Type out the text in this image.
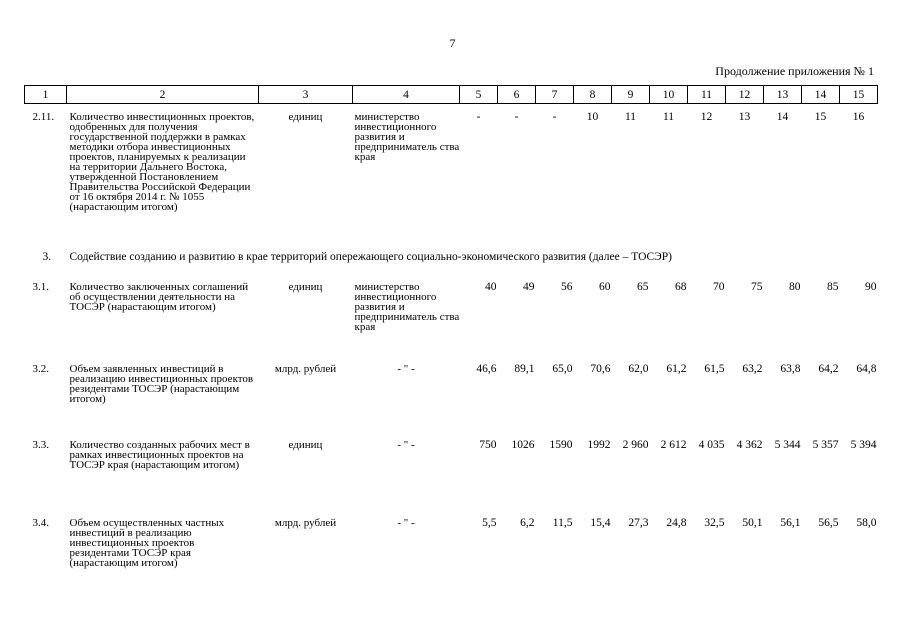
7
Продолжение приложения № 1
1	2	3	4	5	6	7	8	9	10	11	12	13	14	15

2.11.	Количество инвестиционных проектов, одобренных для получения государственной поддержки в рамках методики отбора инвестиционных проектов, планируемых к реализации на территории Дальнего Востока, утвержденной Постановлением Правительства Российской Федерации от 16 октября 2014 г. № 1055 (нарастающим итогом)	единиц	министерство инвестиционного развития и предприниматель ства края	-	-	-	10	11	11	12	13	14	15	16
3.	Содействие созданию и развитию в крае территорий опережающего социально-экономического развития (далее – ТОСЭР)													
3.1.	Количество заключенных соглашений об осуществлении деятельности на ТОСЭР (нарастающим итогом)	единиц	министерство инвестиционного развития и предприниматель ства края	40	49	56	60	65	68	70	75	80	85	90
3.2.	Объем заявленных инвестиций в реализацию инвестиционных проектов резидентами ТОСЭР (нарастающим итогом)	млрд. рублей	- " -	46,6	89,1	65,0	70,6	62,0	61,2	61,5	63,2	63,8	64,2	64,8
3.3.	Количество созданных рабочих мест в рамках инвестиционных проектов на ТОСЭР края (нарастающим итогом)	единиц	- " -	750	1026	1590	1992	2 960	2 612	4 035	4 362	5 344	5 357	5 394
3.4.	Объем осуществленных частных инвестиций в реализацию инвестиционных проектов резидентами ТОСЭР края (нарастающим итогом)	млрд. рублей	- " -	5,5	6,2	11,5	15,4	27,3	24,8	32,5	50,1	56,1	56,5	58,0
